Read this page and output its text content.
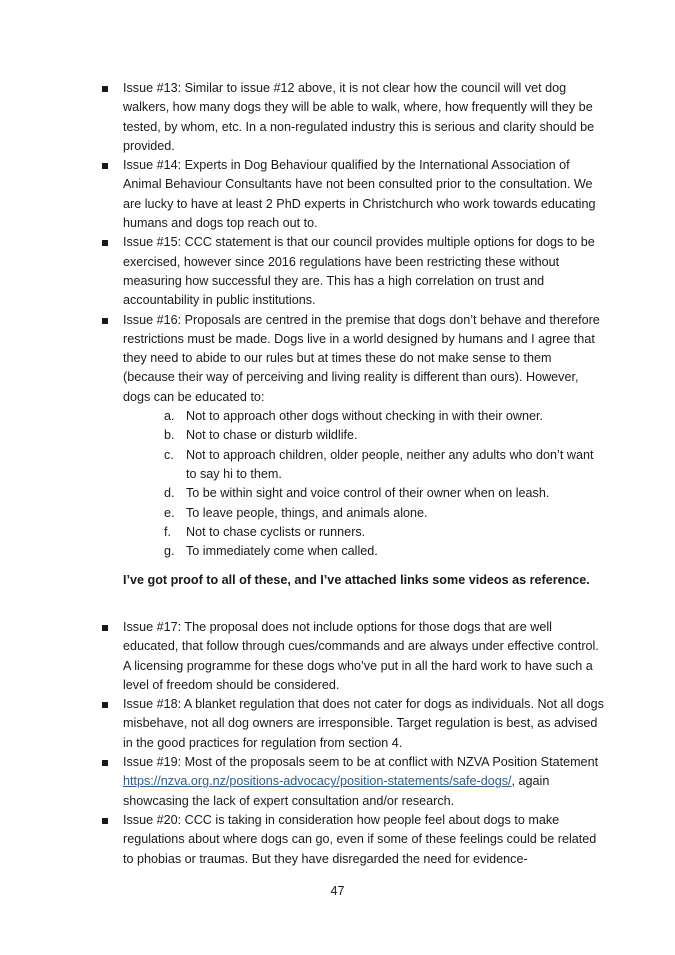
Issue #13: Similar to issue #12 above, it is not clear how the council will vet dog walkers, how many dogs they will be able to walk, where, how frequently will they be tested, by whom, etc. In a non-regulated industry this is serious and clarity should be provided.
Issue #14: Experts in Dog Behaviour qualified by the International Association of Animal Behaviour Consultants have not been consulted prior to the consultation. We are lucky to have at least 2 PhD experts in Christchurch who work towards educating humans and dogs top reach out to.
Issue #15: CCC statement is that our council provides multiple options for dogs to be exercised, however since 2016 regulations have been restricting these without measuring how successful they are. This has a high correlation on trust and accountability in public institutions.
Issue #16: Proposals are centred in the premise that dogs don’t behave and therefore restrictions must be made. Dogs live in a world designed by humans and I agree that they need to abide to our rules but at times these do not make sense to them (because their way of perceiving and living reality is different than ours). However, dogs can be educated to:
a. Not to approach other dogs without checking in with their owner.
b. Not to chase or disturb wildlife.
c. Not to approach children, older people, neither any adults who don’t want to say hi to them.
d. To be within sight and voice control of their owner when on leash.
e. To leave people, things, and animals alone.
f. Not to chase cyclists or runners.
g. To immediately come when called.

I’ve got proof to all of these, and I’ve attached links some videos as reference.

Issue #17: The proposal does not include options for those dogs that are well educated, that follow through cues/commands and are always under effective control. A licensing programme for these dogs who’ve put in all the hard work to have such a level of freedom should be considered.
Issue #18: A blanket regulation that does not cater for dogs as individuals. Not all dogs misbehave, not all dog owners are irresponsible. Target regulation is best, as advised in the good practices for regulation from section 4.
Issue #19: Most of the proposals seem to be at conflict with NZVA Position Statement https://nzva.org.nz/positions-advocacy/position-statements/safe-dogs/, again showcasing the lack of expert consultation and/or research.
Issue #20: CCC is taking in consideration how people feel about dogs to make regulations about where dogs can go, even if some of these feelings could be related to phobias or traumas. But they have disregarded the need for evidence-
47
